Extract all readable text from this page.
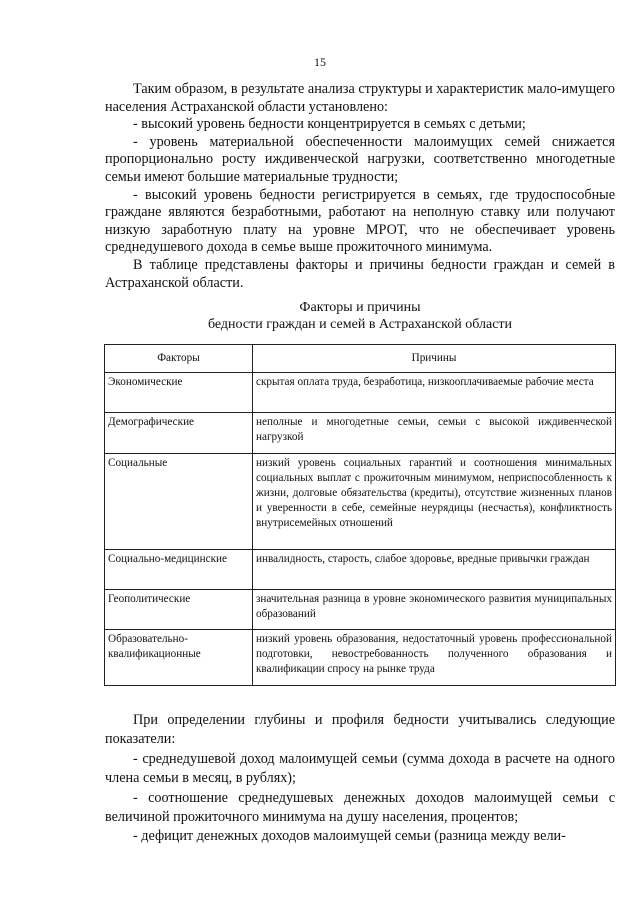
15

Таким образом, в результате анализа структуры и характеристик мало-имущего населения Астраханской области установлено:

- высокий уровень бедности концентрируется в семьях с детьми;

- уровень материальной обеспеченности малоимущих семей снижается пропорционально росту иждивенческой нагрузки, соответственно многодетные семьи имеют большие материальные трудности;

- высокий уровень бедности регистрируется в семьях, где трудоспособные граждане являются безработными, работают на неполную ставку или получают низкую заработную плату на уровне МРОТ, что не обеспечивает уровень среднедушевого дохода в семье выше прожиточного минимума.

В таблице представлены факторы и причины бедности граждан и семей в Астраханской области.

Факторы и причины
бедности граждан и семей в Астраханской области
Факторы	Причины
Экономические	скрытая оплата труда, безработица, низкооплачиваемые рабочие места
Демографические	неполные и многодетные семьи, семьи с высокой иждивенческой нагрузкой
Социальные	низкий уровень социальных гарантий и соотношения минимальных социальных выплат с прожиточным минимумом, неприспособленность к жизни, долговые обязательства (кредиты), отсутствие жизненных планов и уверенности в себе, семейные неурядицы (несчастья), конфликтность внутрисемейных отношений
Социально-медицинские	инвалидность, старость, слабое здоровье, вредные привычки граждан
Геополитические	значительная разница в уровне экономического развития муниципальных образований
Образовательно-квалификационные	низкий уровень образования, недостаточный уровень профессиональной подготовки, невостребованность полученного образования и квалификации спросу на рынке труда

При определении глубины и профиля бедности учитывались следующие показатели:

- среднедушевой доход малоимущей семьи (сумма дохода в расчете на одного члена семьи в месяц, в рублях);

- соотношение среднедушевых денежных доходов малоимущей семьи с величиной прожиточного минимума на душу населения, процентов;

- дефицит денежных доходов малоимущей семьи (разница между вели-
